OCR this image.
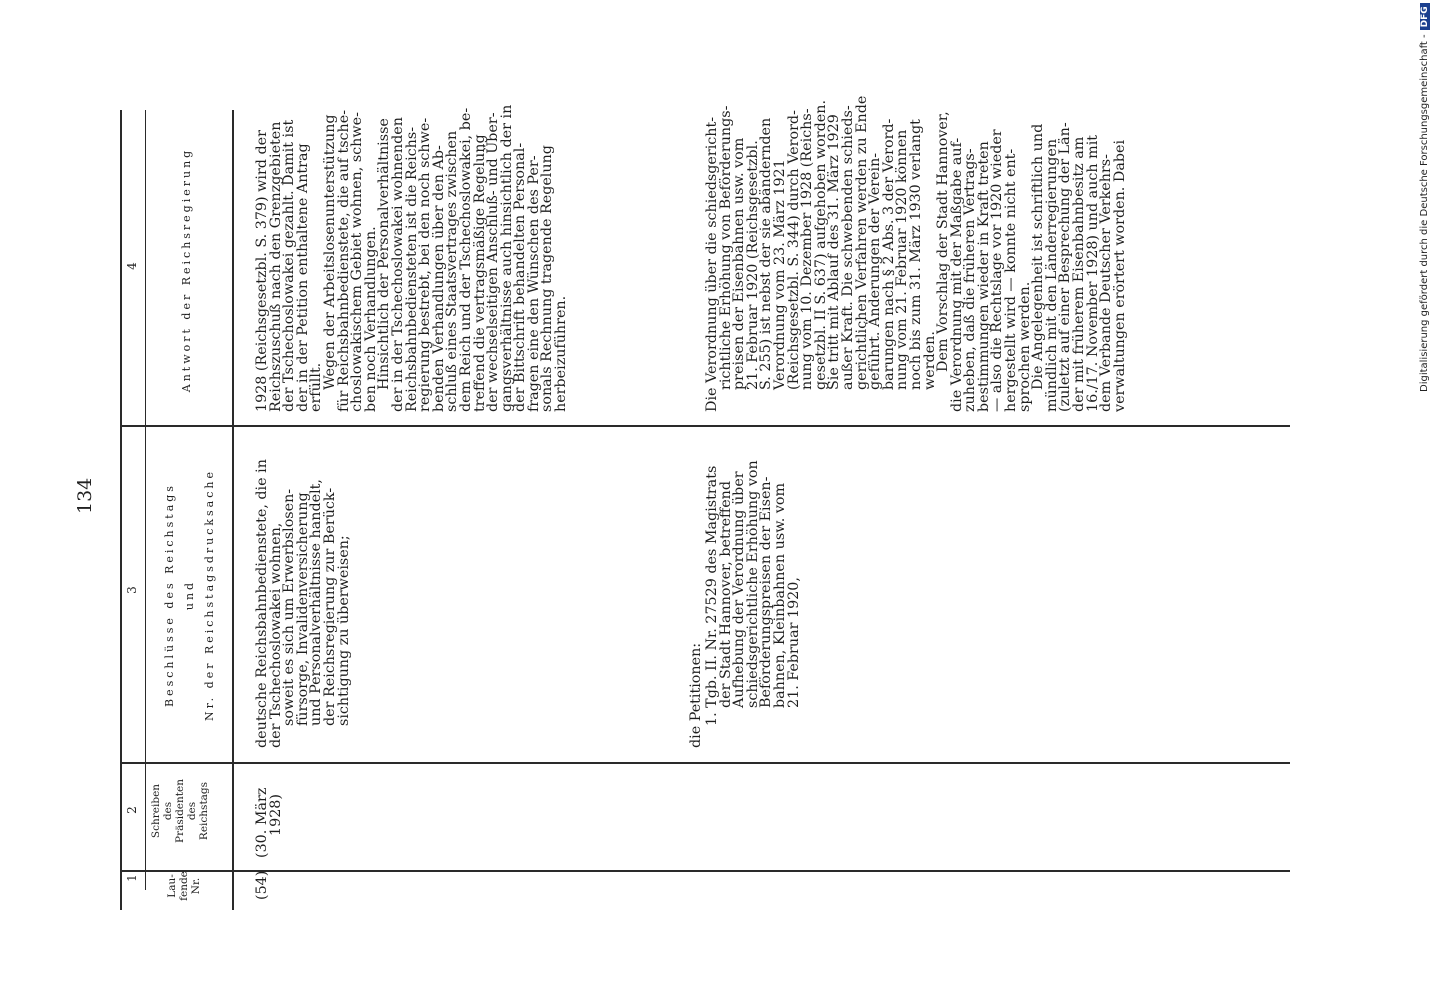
134
Digitalisierung gefördert durch die Deutsche Forschungsgemeinschaft -DFG
1
2
3
4
Lau- fende Nr.
Schreiben des Präsidenten des Reichstags
Beschlüsse des Reichstags und Nr. der Reichstagsdrucksache
Antwort der Reichsregierung
(54)
(30. März
1928)
deutsche Reichsbahnbedienstete, die in
der Tschechoslowakei wohnen,
soweit es sich um Erwerbslosen-
fürsorge, Invalidenversicherung
und Personalverhältnisse handelt,
der Reichsregierung zur Berück-
sichtigung zu überweisen;	die Petitionen: 1. Tgb. II. Nr. 27529 des Magistrats
der Stadt Hannover, betreffend
Aufhebung der Verordnung über
schiedsgerichtliche Erhöhung von
Beförderungspreisen der Eisen-
bahnen, Kleinbahnen usw. vom
21. Februar 1920,
1928 (Reichsgesetzbl. S. 379) wird der
Reichszuschuß nach den Grenzgebieten
der Tschechoslowakei gezahlt. Damit ist
der in der Petition enthaltene Antrag
erfüllt.
Wegen der Arbeitslosenunterstützung
für Reichsbahnbedienstete, die auf tsche-
choslowakischem Gebiet wohnen, schwe-
ben noch Verhandlungen.
Hinsichtlich der Personalverhältnisse
der in der Tschechoslowakei wohnenden
Reichsbahnbediensteten ist die Reichs-
regierung bestrebt, bei den noch schwe-
benden Verhandlungen über den Ab-
schluß eines Staatsvertrages zwischen
dem Reich und der Tschechoslowakei, be-
treffend die vertragsmäßige Regelung
der wechselseitigen Anschluß- und Über-
gangsverhältnisse auch hinsichtlich der in
der Bittschrift behandelten Personal-
fragen eine den Wünschen des Per-
sonals Rechnung tragende Regelung
herbeizuführen.	Die Verordnung über die schiedsgericht-
richtliche Erhöhung von Beförderungs-
preisen der Eisenbahnen usw. vom
21. Februar 1920 (Reichsgesetzbl.
S. 255) ist nebst der sie abändernden
Verordnung vom 23. März 1921
(Reichsgesetzbl. S. 344) durch Verord-
nung vom 10. Dezember 1928 (Reichs-
gesetzbl. II S. 637) aufgehoben worden.
Sie tritt mit Ablauf des 31. März 1929
außer Kraft. Die schwebenden schieds-
gerichtlichen Verfahren werden zu Ende
geführt. Änderungen der Verein-
barungen nach § 2 Abs. 3 der Verord-
nung vom 21. Februar 1920 können
noch bis zum 31. März 1930 verlangt
werden.
Dem Vorschlag der Stadt Hannover,
die Verordnung mit der Maßgabe auf-
zuheben, daß die früheren Vertrags-
bestimmungen wieder in Kraft treten
— also die Rechtslage vor 1920 wieder
hergestellt wird — konnte nicht ent-
sprochen werden.
Die Angelegenheit ist schriftlich und
mündlich mit den Länderregierungen
(zuletzt auf einer Besprechung der Län-
der mit früherem Eisenbahnbesitz am
16./17. November 1928) und auch mit
dem Verbande Deutscher Verkehrs-
verwaltungen erörtert worden. Dabei
